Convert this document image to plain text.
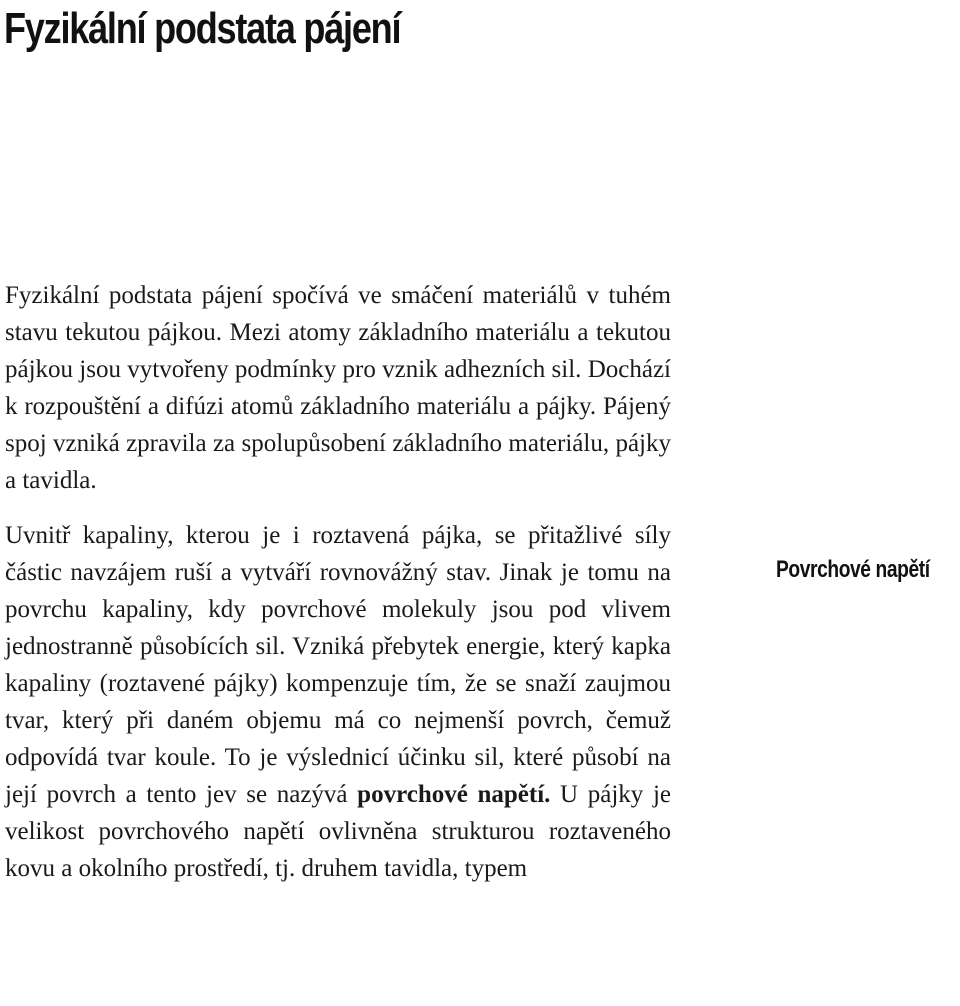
Fyzikální podstata pájení

Fyzikální podstata pájení spočívá ve smáčení materiálů v tuhém stavu tekutou pájkou. Mezi atomy základního materiálu a tekutou pájkou jsou vytvořeny podmínky pro vznik adhezních sil. Dochází k rozpouštění a difúzi atomů základního materiálu a pájky. Pájený spoj vzniká zpravila za spolupůsobení základního materiálu, pájky a tavidla.

Uvnitř kapaliny, kterou je i roztavená pájka, se přitažlivé síly částic navzájem ruší a vytváří rovnovážný stav. Jinak je tomu na povrchu kapaliny, kdy povrchové molekuly jsou pod vlivem jednostranně působících sil. Vzniká přebytek energie, který kapka kapaliny (roztavené pájky) kompenzuje tím, že se snaží zaujmou tvar, který při daném objemu má co nejmenší povrch, čemuž odpovídá tvar koule. To je výslednicí účinku sil, které působí na její povrch a tento jev se nazývá povrchové napětí. U pájky je velikost povrchového napětí ovlivněna strukturou roztaveného kovu a okolního prostředí, tj. druhem tavidla, typem

Povrchové napětí
